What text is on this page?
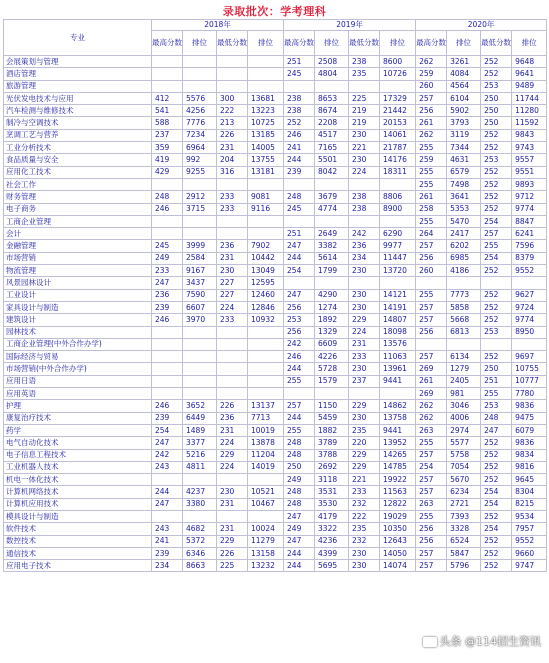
录取批次：学考理科
专业	2018年				2019年				2020年			
	最高分数	排位	最低分数	排位	最高分数	排位	最低分数	排位	最高分数	排位	最低分数	排位
会展策划与管理					251	2508	238	8600	262	3261	252	9648
酒店管理					245	4804	235	10726	259	4084	252	9641
旅游管理									260	4564	253	9489
光伏发电技术与应用	412	5576	300	13681	238	8653	225	17329	257	6104	250	11744
汽车检测与维修技术	541	4256	222	13223	238	8674	219	21442	256	5902	250	11280
制冷与空调技术	588	7776	213	10725	252	2208	219	20153	261	3793	250	11592
烹调工艺与营养	237	7234	226	13185	246	4517	230	14061	262	3119	252	9843
工业分析技术	359	6964	231	14005	241	7165	221	21787	255	7344	252	9743
食品质量与安全	419	992	204	13755	244	5501	230	14176	259	4631	253	9557
应用化工技术	429	9255	316	13181	239	8042	224	18311	255	6579	252	9551
社会工作									255	7498	252	9893
财务管理	248	2912	233	9081	248	3679	238	8806	261	3641	252	9712
电子商务	246	3715	233	9116	245	4774	238	8900	258	5353	252	9774
工商企业管理									255	5470	254	8847
会计					251	2649	242	6290	264	2417	257	6241
金融管理	245	3999	236	7902	247	3382	236	9977	257	6202	255	7596
市场营销	249	2584	231	10442	244	5614	234	11447	256	6985	254	8379
物流管理	233	9167	230	13049	254	1799	230	13720	260	4186	252	9552
风景园林设计	247	3437	227	12595								
工业设计	236	7590	227	12460	247	4290	230	14121	255	7773	252	9627
家具设计与制造	239	6607	224	12846	256	1274	230	14191	257	5858	252	9724
建筑设计	246	3970	233	10932	253	1892	229	14807	257	5668	252	9774
园林技术					256	1329	224	18098	256	6813	253	8950
工商企业管理(中外合作办学)					242	6609	231	13576				
国际经济与贸易					246	4226	233	11063	257	6134	252	9697
市场营销(中外合作办学)					244	5728	230	13961	269	1279	250	10755
应用日语					255	1579	237	9441	261	2405	251	10777
应用英语									269	981	255	7780
护理	246	3652	226	13137	257	1150	229	14862	262	3046	253	9836
康复治疗技术	239	6449	236	7713	244	5459	230	13758	262	4006	248	9475
药学	254	1489	231	10019	255	1882	235	9441	263	2974	247	6079
电气自动化技术	247	3377	224	13878	248	3789	220	13952	255	5577	252	9836
电子信息工程技术	242	5216	229	11204	248	3788	229	14265	257	5758	252	9834
工业机器人技术	243	4811	224	14019	250	2692	229	14785	254	7054	252	9816
机电一体化技术					249	3118	221	19922	257	5670	252	9645
计算机网络技术	244	4237	230	10521	248	3531	233	11563	257	6234	254	8304
计算机应用技术	247	3380	231	10467	248	3530	232	12822	263	2721	254	8215
模具设计与制造					247	4179	222	19029	255	7393	252	9534
软件技术	243	4682	231	10024	249	3322	235	10350	256	3328	254	7957
数控技术	241	5372	229	11279	247	4236	232	12643	256	6524	252	9552
通信技术	239	6346	226	13158	244	4399	230	14050	257	5847	252	9660
应用电子技术	234	8663	225	13232	244	5695	230	14074	257	5796	252	9747
头条 @114招生资讯
